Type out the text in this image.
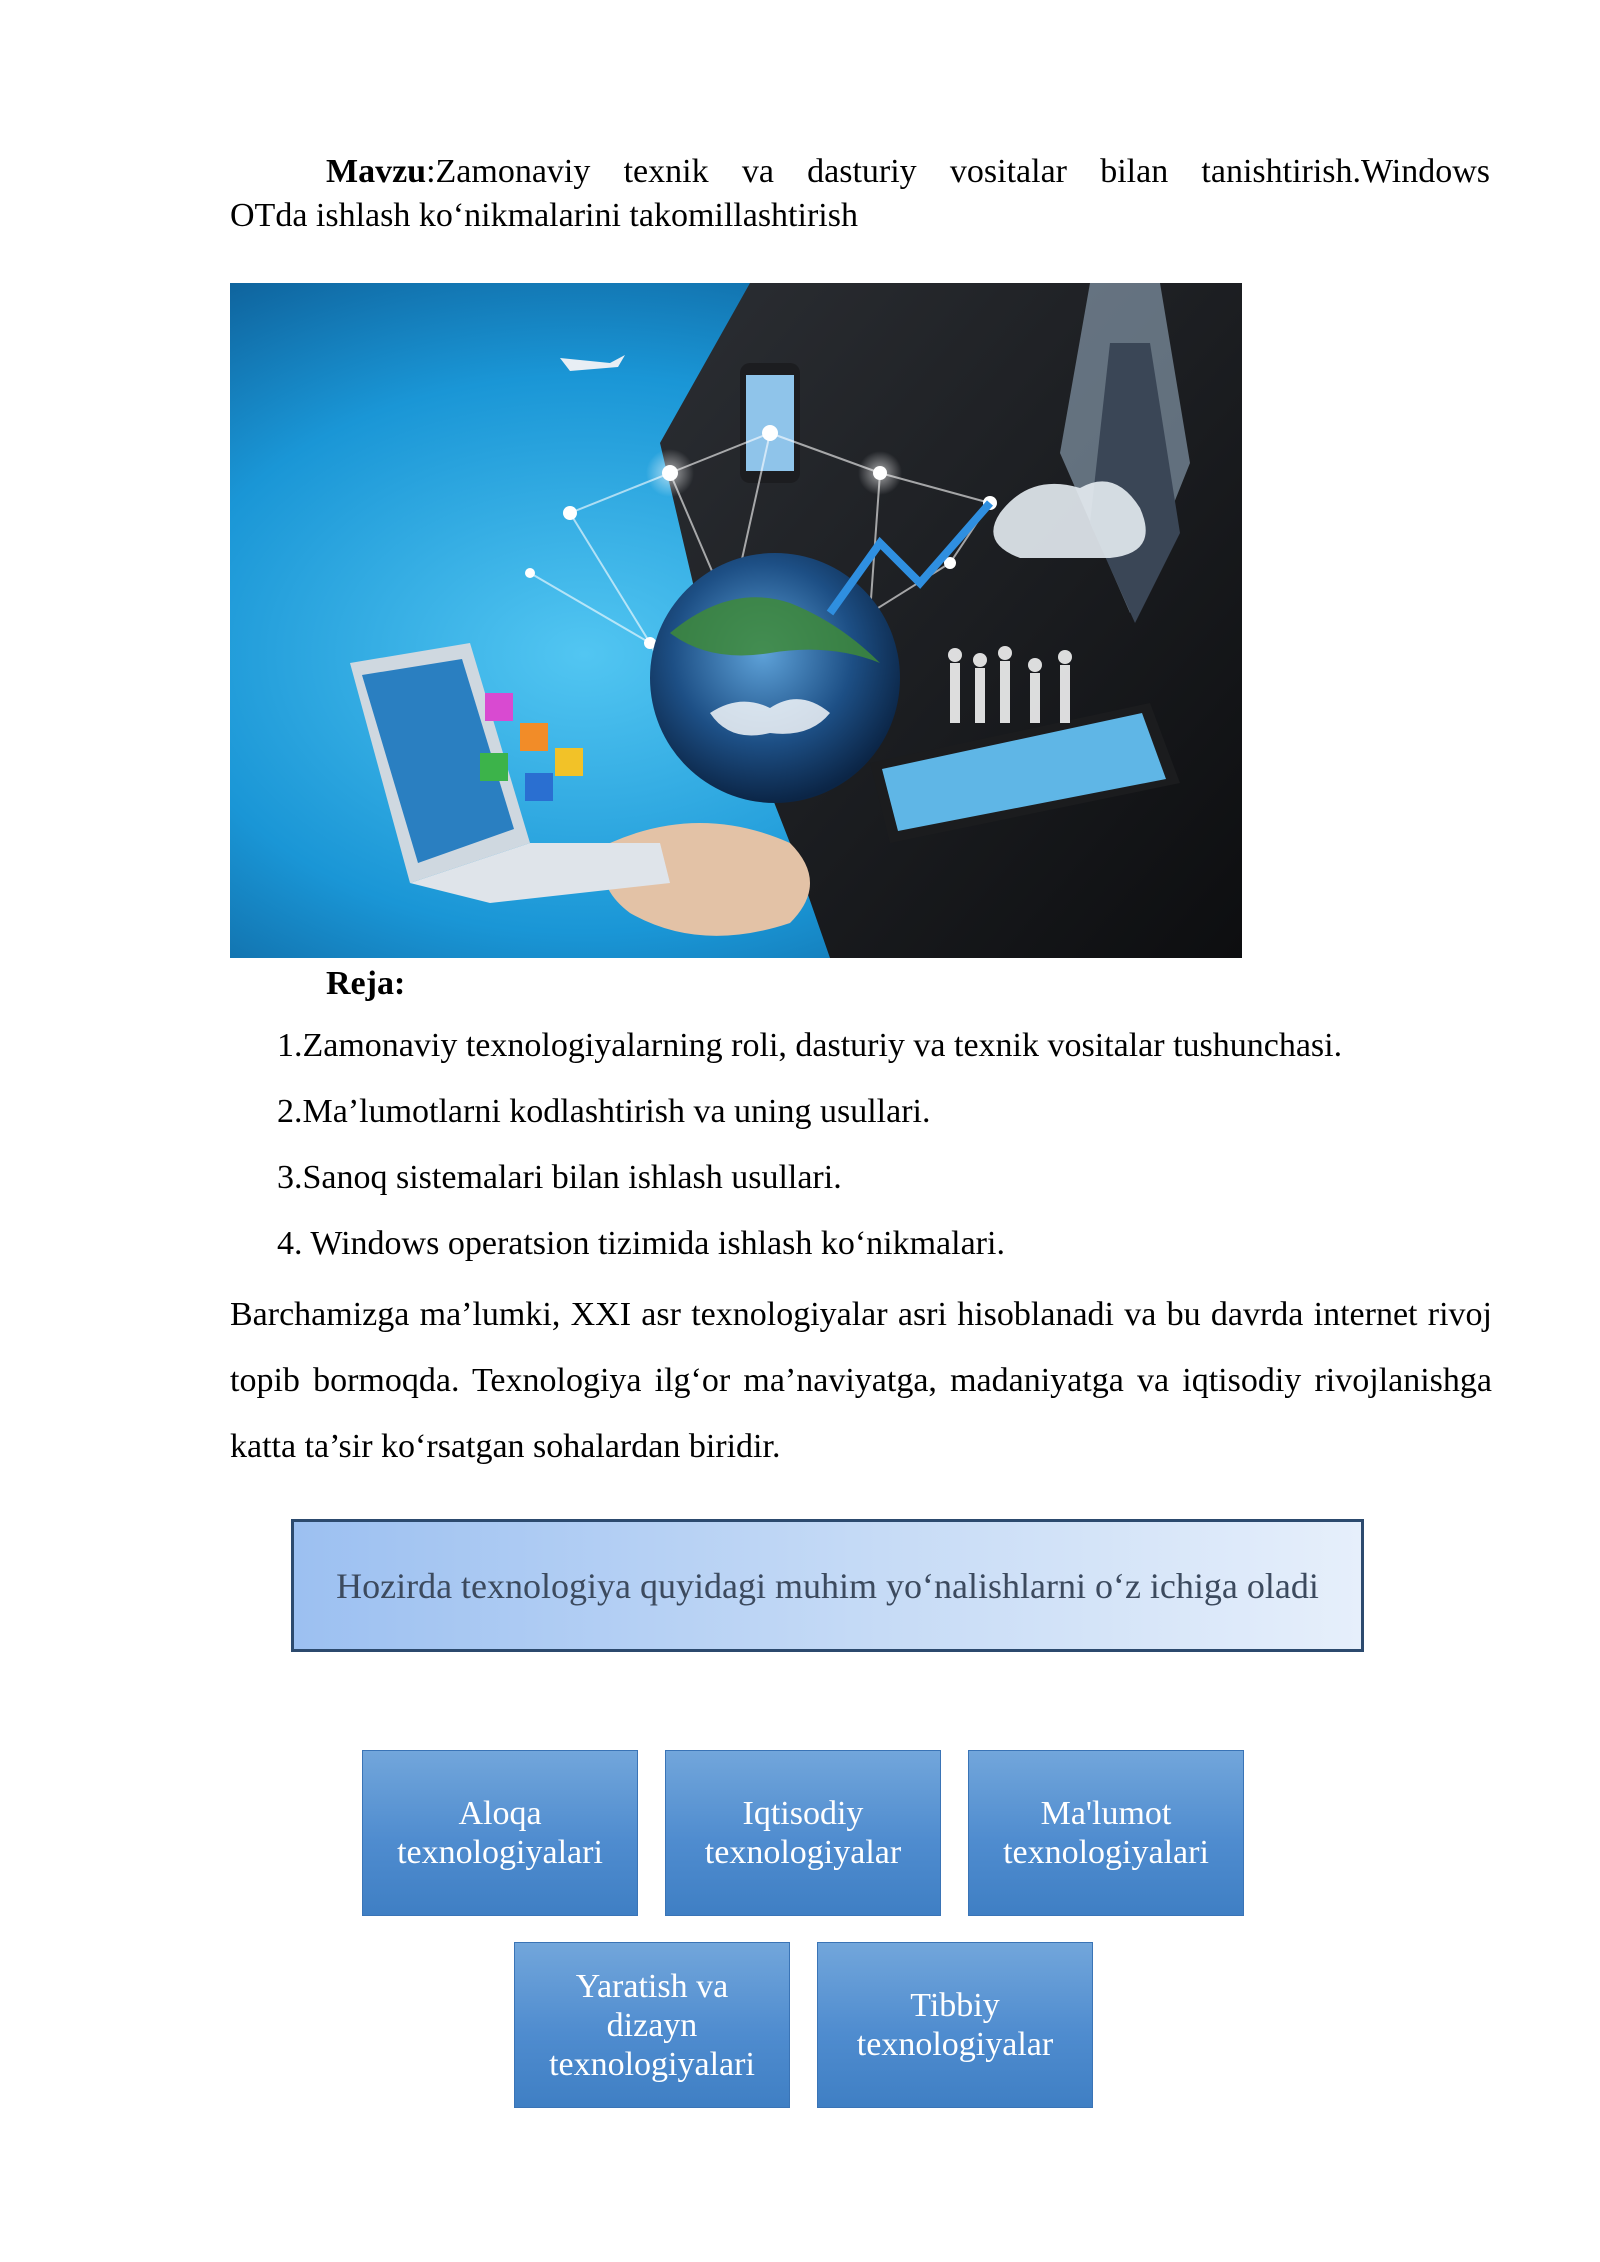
Mavzu:Zamonaviy texnik va dasturiy vositalar bilan tanishtirish.Windows
OTda ishlash ko‘nikmalarini takomillashtirish
Reja:
1.Zamonaviy texnologiyalarning roli, dasturiy va texnik vositalar tushunchasi.
2.Ma’lumotlarni kodlashtirish va uning usullari.
3.Sanoq sistemalari bilan ishlash usullari.
4. Windows operatsion tizimida ishlash ko‘nikmalari.

Barchamizga ma’lumki, XXI asr texnologiyalar asri hisoblanadi va bu davrda internet rivoj topib bormoqda. Texnologiya ilg‘or ma’naviyatga, madaniyatga va iqtisodiy rivojlanishga katta ta’sir ko‘rsatgan sohalardan biridir.

Hozirda texnologiya quyidagi muhim yo‘nalishlarni o‘z ichiga oladi
Aloqa
texnologiyalari
Iqtisodiy
texnologiyalar
Ma'lumot
texnologiyalari
Yaratish va
dizayn
texnologiyalari
Tibbiy
texnologiyalar
